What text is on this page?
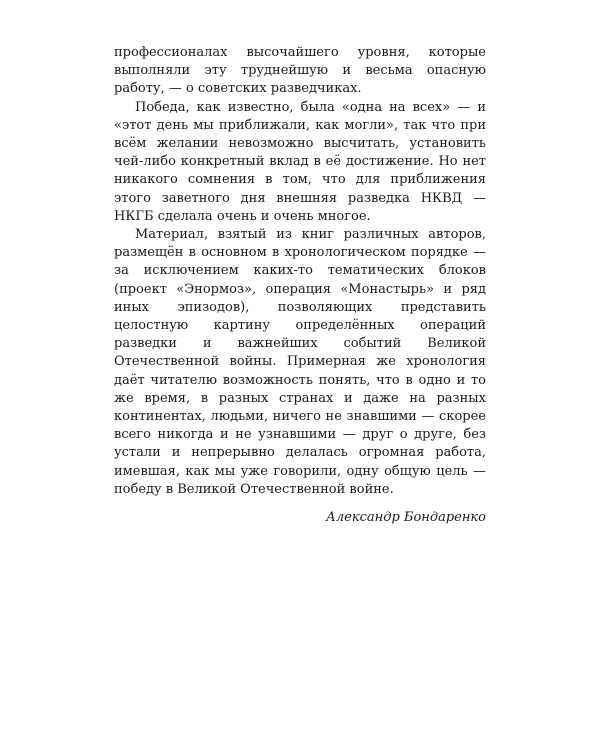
профессионалах высочайшего уровня, которые выполняли эту труднейшую и весьма опасную работу, — о советских разведчиках.

Победа, как известно, была «одна на всех» — и «этот день мы приближали, как могли», так что при всём желании невозможно высчитать, установить чей-либо конкретный вклад в её достижение. Но нет никакого сомнения в том, что для приближения этого заветного дня внешняя разведка НКВД — НКГБ сделала очень и очень многое.

Материал, взятый из книг различных авторов, размещён в основном в хронологическом порядке — за исключением каких-то тематических блоков (проект «Энормоз», операция «Монастырь» и ряд иных эпизодов), позволяющих представить целостную картину определённых операций разведки и важнейших событий Великой Отечественной войны. Примерная же хронология даёт читателю возможность понять, что в одно и то же время, в разных странах и даже на разных континентах, людьми, ничего не знавшими — скорее всего никогда и не узнавшими — друг о друге, без устали и непрерывно делалась огромная работа, имевшая, как мы уже говорили, одну общую цель — победу в Великой Отечественной войне.

Александр Бондаренко
